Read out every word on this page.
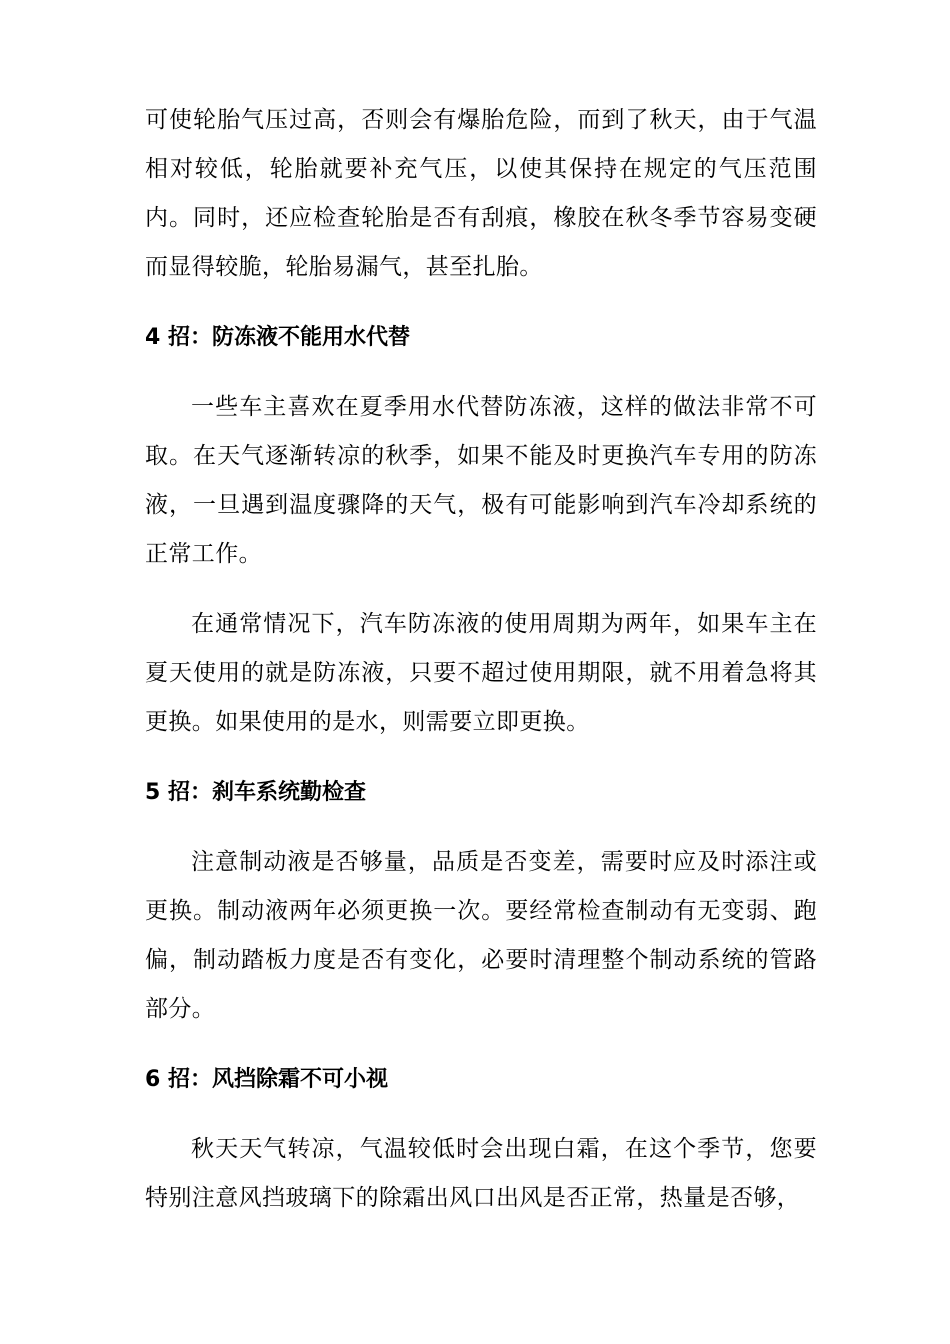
可使轮胎气压过高，否则会有爆胎危险，而到了秋天，由于气温相对较低，轮胎就要补充气压，以使其保持在规定的气压范围内。同时，还应检查轮胎是否有刮痕，橡胶在秋冬季节容易变硬而显得较脆，轮胎易漏气，甚至扎胎。

4 招：防冻液不能用水代替

一些车主喜欢在夏季用水代替防冻液，这样的做法非常不可取。在天气逐渐转凉的秋季，如果不能及时更换汽车专用的防冻液，一旦遇到温度骤降的天气，极有可能影响到汽车冷却系统的正常工作。

在通常情况下，汽车防冻液的使用周期为两年，如果车主在夏天使用的就是防冻液，只要不超过使用期限，就不用着急将其更换。如果使用的是水，则需要立即更换。

5 招：刹车系统勤检查

注意制动液是否够量，品质是否变差，需要时应及时添注或更换。制动液两年必须更换一次。要经常检查制动有无变弱、跑偏，制动踏板力度是否有变化，必要时清理整个制动系统的管路部分。

6 招：风挡除霜不可小视

秋天天气转凉，气温较低时会出现白霜，在这个季节，您要特别注意风挡玻璃下的除霜出风口出风是否正常，热量是否够，
